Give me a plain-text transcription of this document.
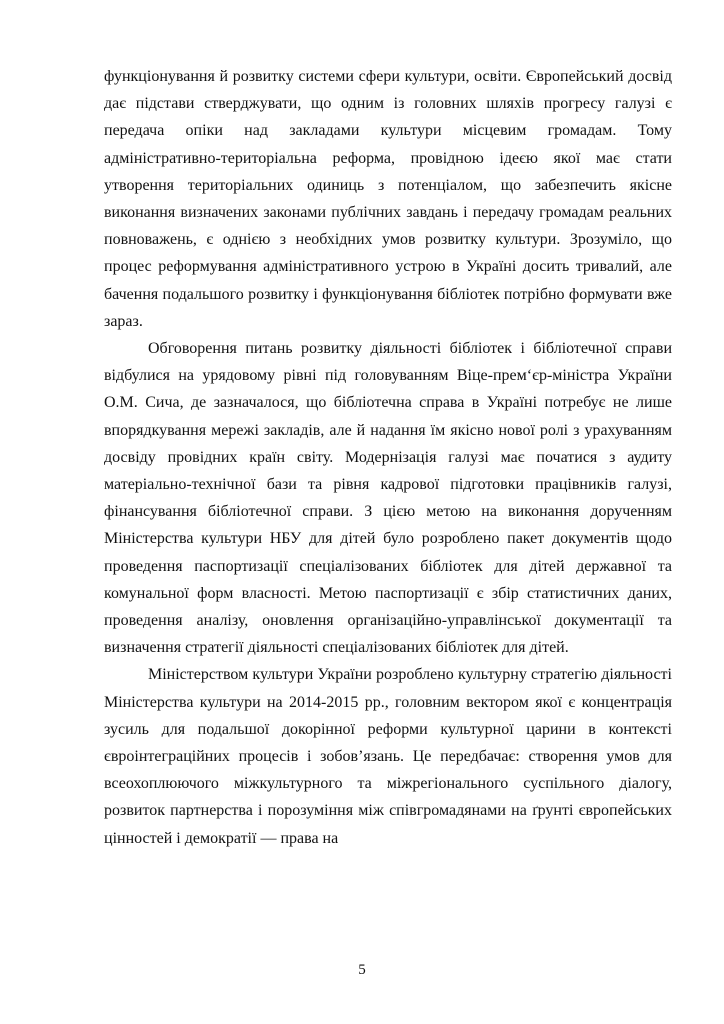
функціонування й розвитку системи сфери культури, освіти. Європейський досвід дає підстави стверджувати, що одним із головних шляхів прогресу галузі є передача опіки над закладами культури місцевим громадам. Тому адміністративно-територіальна реформа, провідною ідеєю якої має стати утворення територіальних одиниць з потенціалом, що забезпечить якісне виконання визначених законами публічних завдань і передачу громадам реальних повноважень, є однією з необхідних умов розвитку культури. Зрозуміло, що процес реформування адміністративного устрою в Україні досить тривалий, але бачення подальшого розвитку і функціонування бібліотек потрібно формувати вже зараз.

Обговорення питань розвитку діяльності бібліотек і бібліотечної справи відбулися на урядовому рівні під головуванням Віце-прем‘єр-міністра України О.М. Сича, де зазначалося, що бібліотечна справа в Україні потребує не лише впорядкування мережі закладів, але й надання їм якісно нової ролі з урахуванням досвіду провідних країн світу. Модернізація галузі має початися з аудиту матеріально-технічної бази та рівня кадрової підготовки працівників галузі, фінансування бібліотечної справи. З цією метою на виконання дорученням Міністерства культури НБУ для дітей було розроблено пакет документів щодо проведення паспортизації спеціалізованих бібліотек для дітей державної та комунальної форм власності. Метою паспортизації є збір статистичних даних, проведення аналізу, оновлення організаційно-управлінської документації та визначення стратегії діяльності спеціалізованих бібліотек для дітей.

Міністерством культури України розроблено культурну стратегію діяльності Міністерства культури на 2014-2015 рр., головним вектором якої є концентрація зусиль для подальшої докорінної реформи культурної царини в контексті євроінтеграційних процесів і зобов’язань. Це передбачає: створення умов для всеохоплюючого міжкультурного та міжрегіонального суспільного діалогу, розвиток партнерства і порозуміння між співгромадянами на ґрунті європейських цінностей і демократії — права на

5
